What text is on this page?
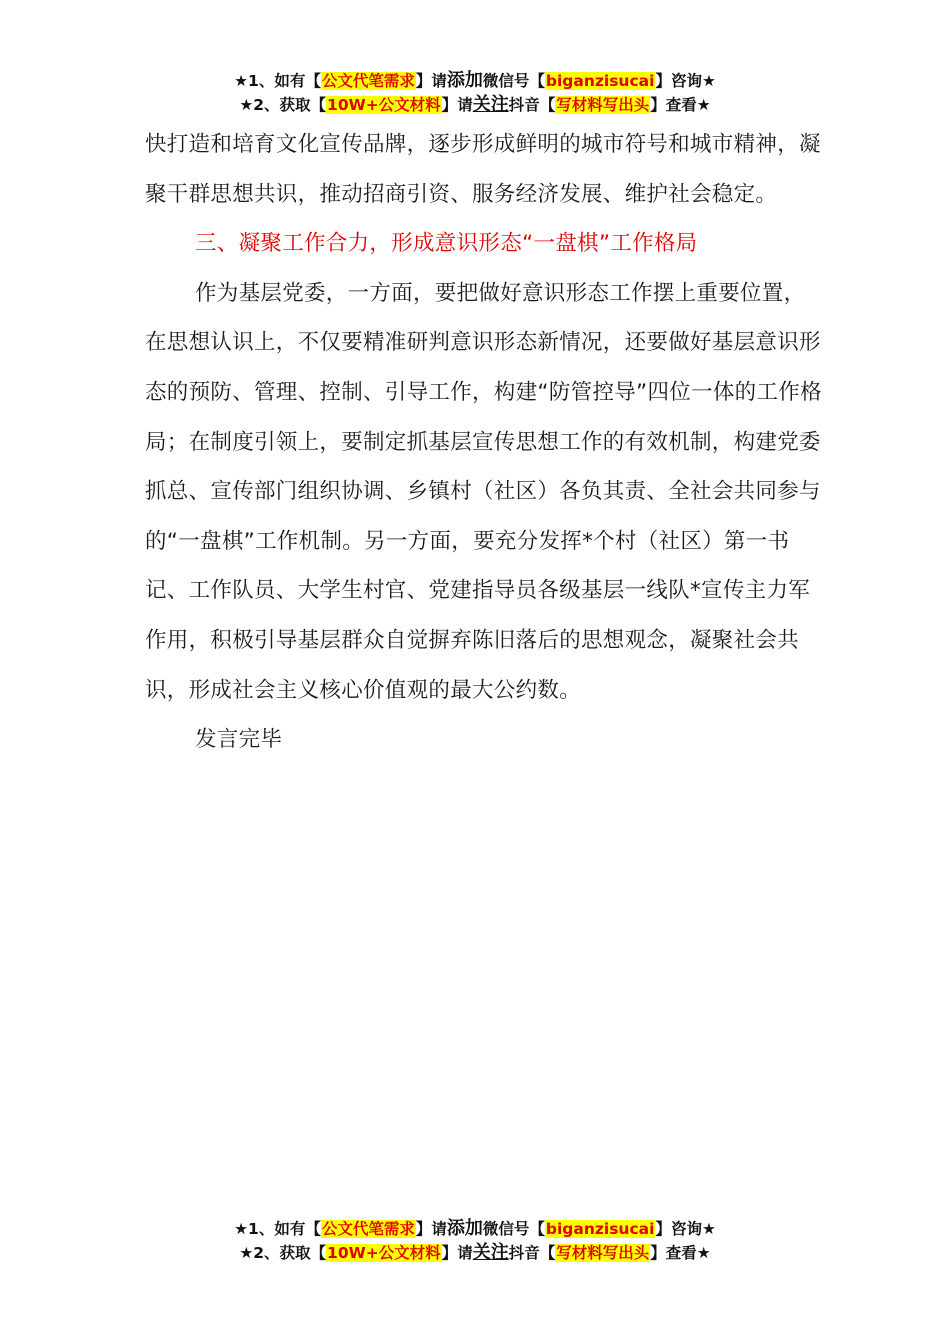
★1、如有【公文代笔需求】请添加微信号【biganzisucai】咨询★
★2、获取【10W+公文材料】请关注抖音【写材料写出头】查看★

快打造和培育文化宣传品牌，逐步形成鲜明的城市符号和城市精神，凝聚干群思想共识，推动招商引资、服务经济发展、维护社会稳定。

三、凝聚工作合力，形成意识形态“一盘棋”工作格局

作为基层党委，一方面，要把做好意识形态工作摆上重要位置，在思想认识上，不仅要精准研判意识形态新情况，还要做好基层意识形态的预防、管理、控制、引导工作，构建“防管控导”四位一体的工作格局；在制度引领上，要制定抓基层宣传思想工作的有效机制，构建党委抓总、宣传部门组织协调、乡镇村（社区）各负其责、全社会共同参与的“一盘棋”工作机制。另一方面，要充分发挥*个村（社区）第一书记、工作队员、大学生村官、党建指导员各级基层一线队*宣传主力军作用，积极引导基层群众自觉摒弃陈旧落后的思想观念，凝聚社会共识，形成社会主义核心价值观的最大公约数。

发言完毕

★1、如有【公文代笔需求】请添加微信号【biganzisucai】咨询★
★2、获取【10W+公文材料】请关注抖音【写材料写出头】查看★
